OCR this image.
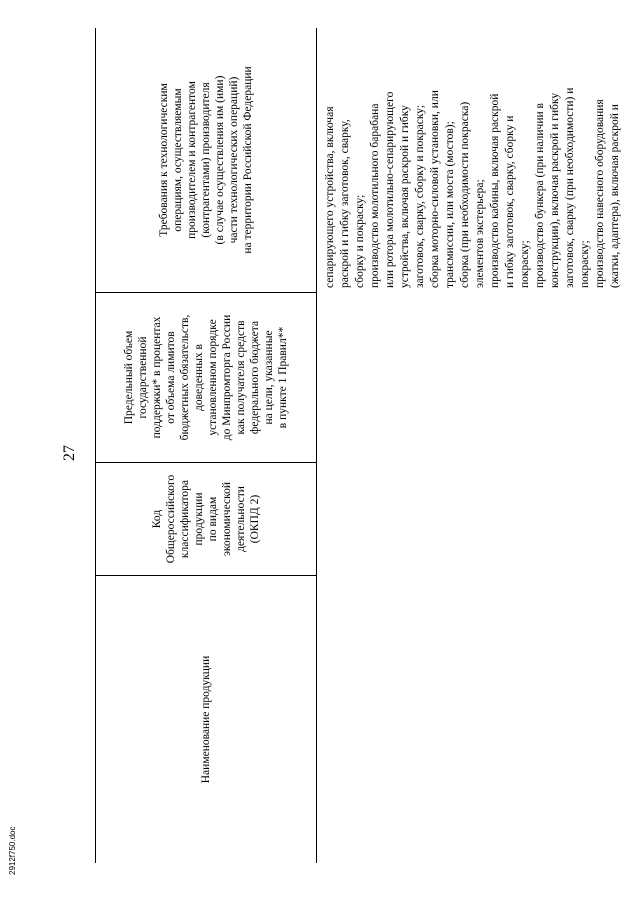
27
Наименование продукции
Код Общероссийского
классификатора
продукции
по видам
экономической
деятельности (ОКПД 2)
Предельный объем
государственной
поддержки* в процентах
от объема лимитов
бюджетных обязательств,
доведенных в
установленном порядке
до Минпромторга России
как получателя средств
федерального бюджета
на цели, указанные
в пункте 1 Правил**
Требования к технологическим
операциям, осуществляемым
производителем и контрагентом
(контрагентами) производителя
(в случае осуществления им (ими)
части технологических операций)
на территории Российской Федерации
сепарирующего устройства, включая
раскрой и гибку заготовок, сварку,
сборку и покраску;
производство молотильного барабана
или ротора молотильно-сепарирующего
устройства, включая раскрой и гибку
заготовок, сварку, сборку и покраску;
сборка моторно-силовой установки, или
трансмиссии, или моста (мостов);
сборка (при необходимости покраска)
элементов экстерьера;
производство кабины, включая раскрой
и гибку заготовок, сварку, сборку и
покраску;
производство бункера (при наличии в
конструкции), включая раскрой и гибку
заготовок, сварку (при необходимости) и
покраску;
производство навесного оборудования
(жатки, адаптера), включая раскрой и
2912f750.doc
